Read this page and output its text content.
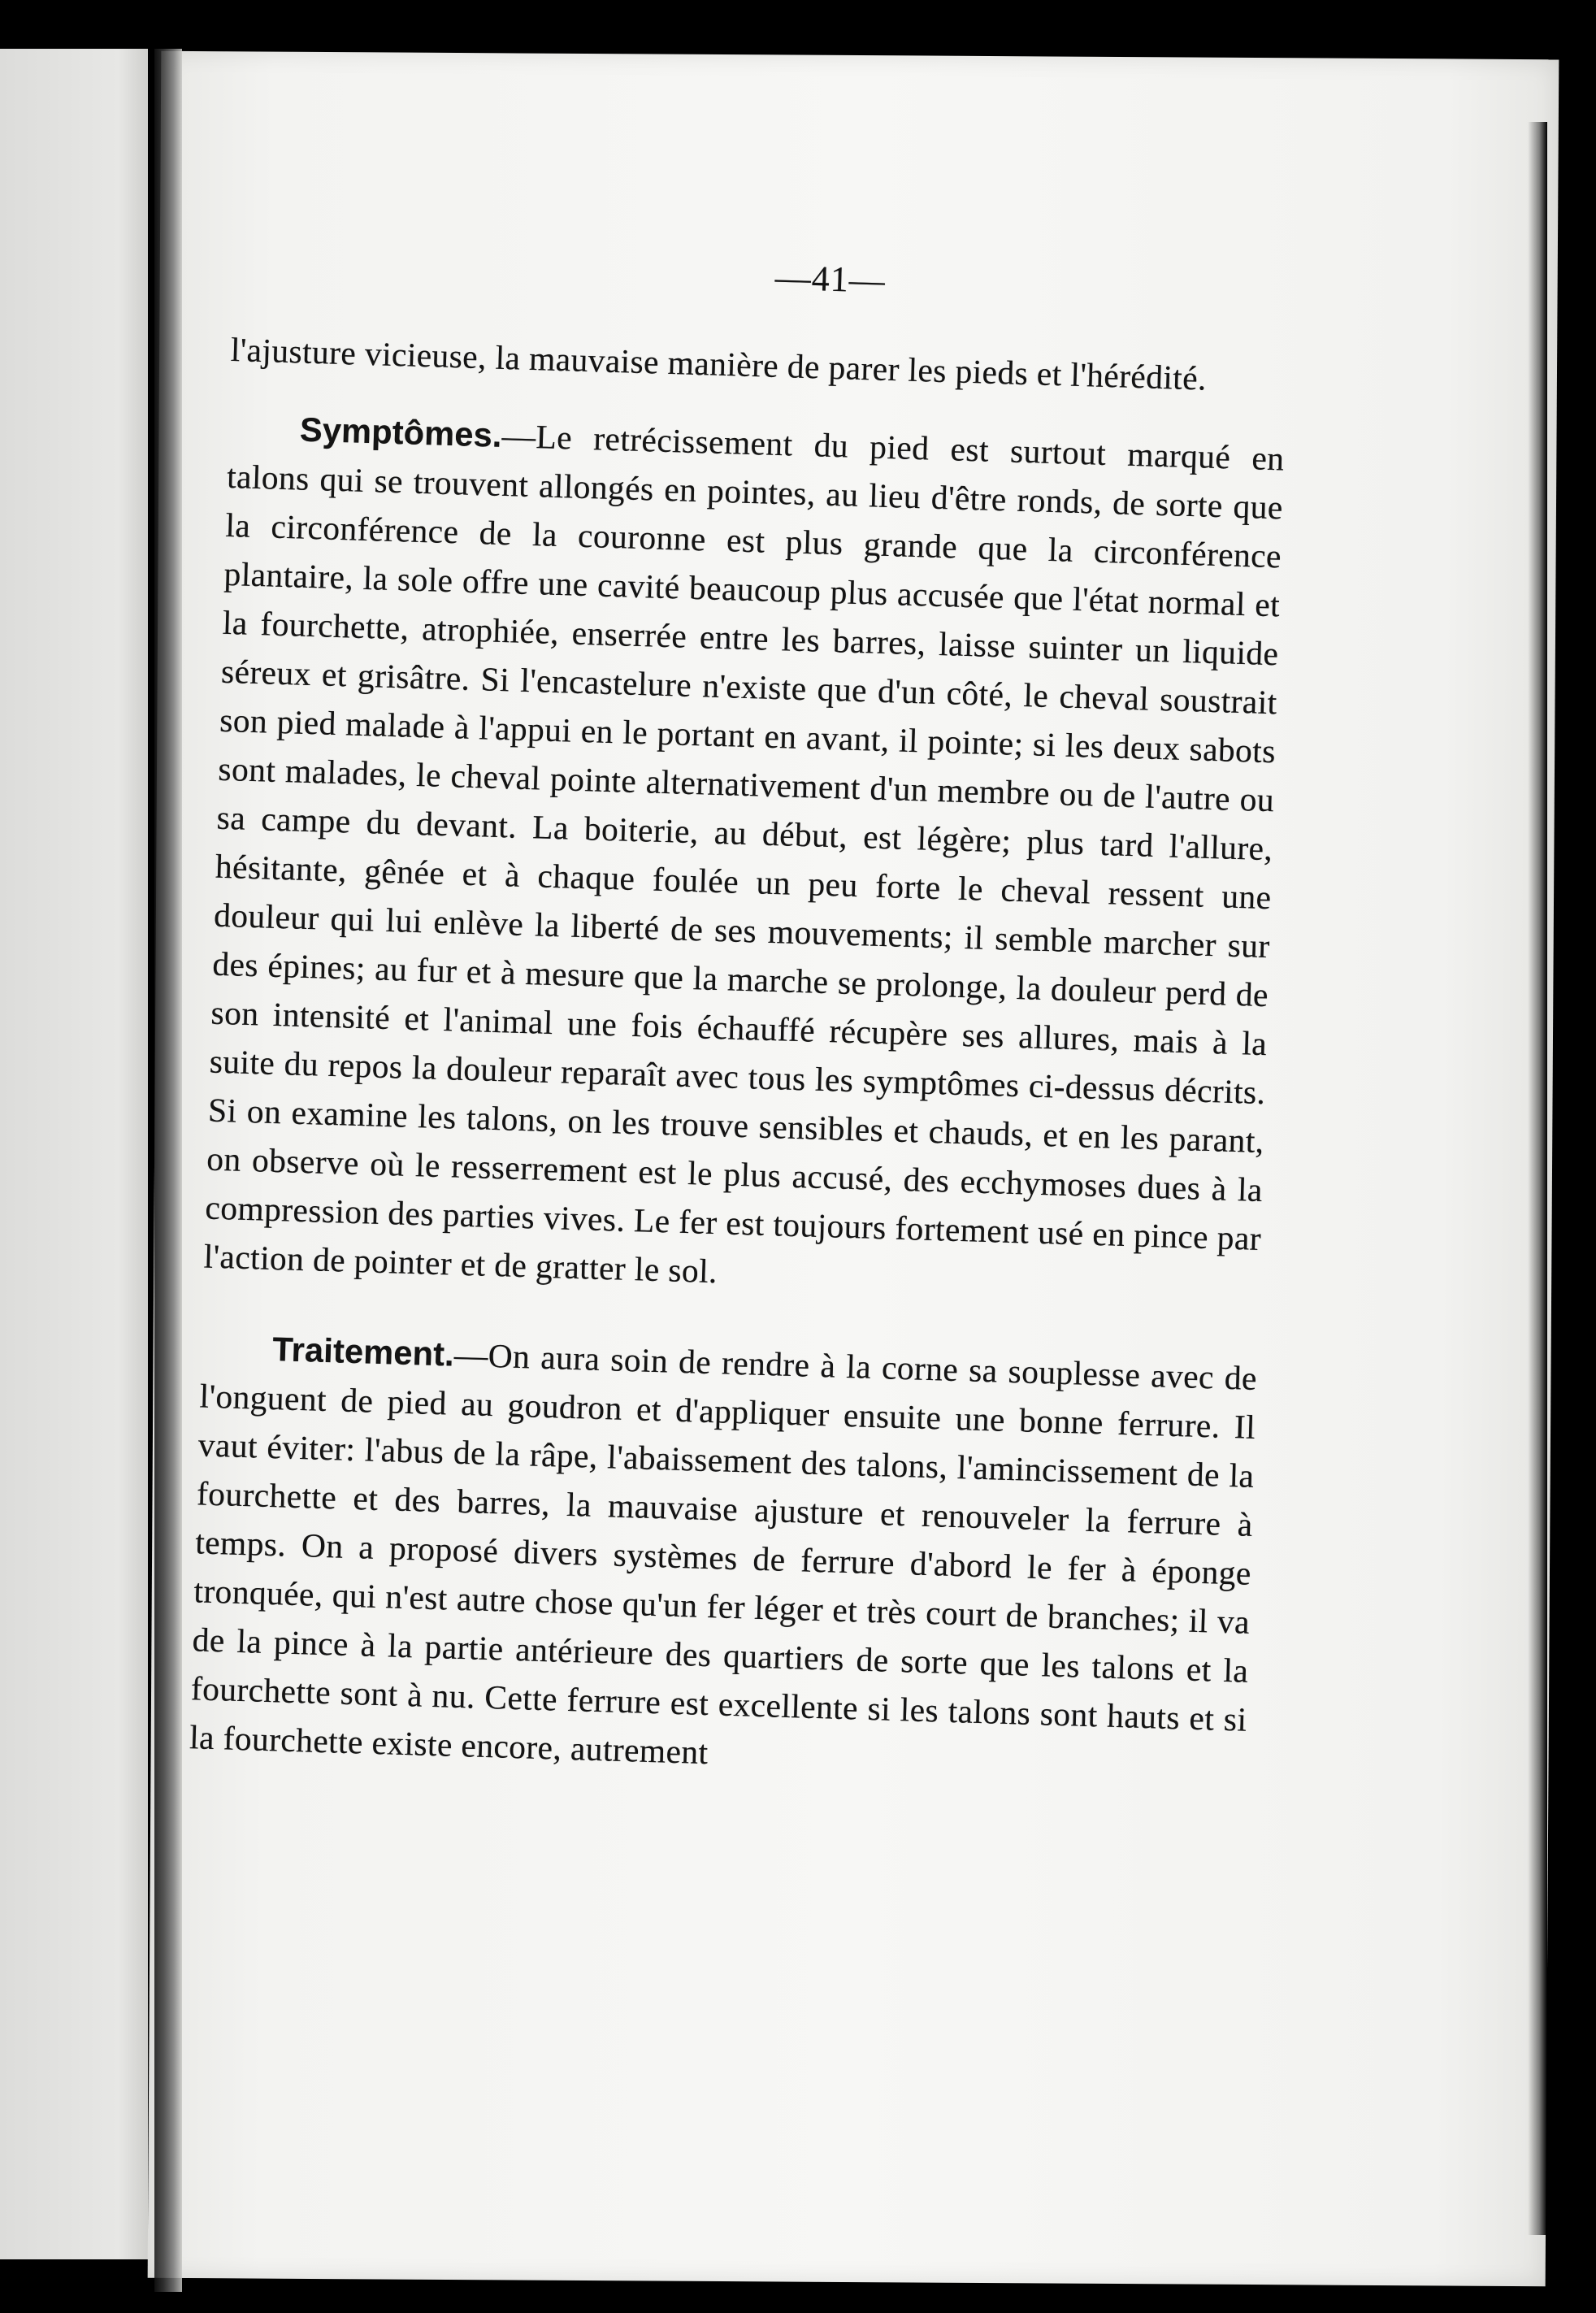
—41—

l'ajusture vicieuse, la mauvaise manière de parer les pieds et l'hérédité.

Symptômes.—Le retrécissement du pied est surtout marqué en talons qui se trouvent allongés en pointes, au lieu d'être ronds, de sorte que la circonférence de la couronne est plus grande que la circonférence plantaire, la sole offre une cavité beaucoup plus accusée que l'état normal et la fourchette, atrophiée, enserrée entre les barres, laisse suinter un liquide séreux et grisâtre. Si l'encastelure n'existe que d'un côté, le cheval soustrait son pied malade à l'appui en le portant en avant, il pointe; si les deux sabots sont malades, le cheval pointe alternativement d'un membre ou de l'autre ou sa campe du devant. La boiterie, au début, est légère; plus tard l'allure, hésitante, gênée et à chaque foulée un peu forte le cheval ressent une douleur qui lui enlève la liberté de ses mouvements; il semble marcher sur des épines; au fur et à mesure que la marche se prolonge, la douleur perd de son intensité et l'animal une fois échauffé récupère ses allures, mais à la suite du repos la douleur reparaît avec tous les symptômes ci-dessus décrits. Si on examine les talons, on les trouve sensibles et chauds, et en les parant, on observe où le resserrement est le plus accusé, des ecchymoses dues à la compression des parties vives. Le fer est toujours fortement usé en pince par l'action de pointer et de gratter le sol.

Traitement.—On aura soin de rendre à la corne sa souplesse avec de l'onguent de pied au goudron et d'appliquer ensuite une bonne ferrure. Il vaut éviter: l'abus de la râpe, l'abaissement des talons, l'amincissement de la fourchette et des barres, la mauvaise ajusture et renouveler la ferrure à temps. On a proposé divers systèmes de ferrure d'abord le fer à éponge tronquée, qui n'est autre chose qu'un fer léger et très court de branches; il va de la pince à la partie antérieure des quartiers de sorte que les talons et la fourchette sont à nu. Cette ferrure est excellente si les talons sont hauts et si la fourchette existe encore, autrement
